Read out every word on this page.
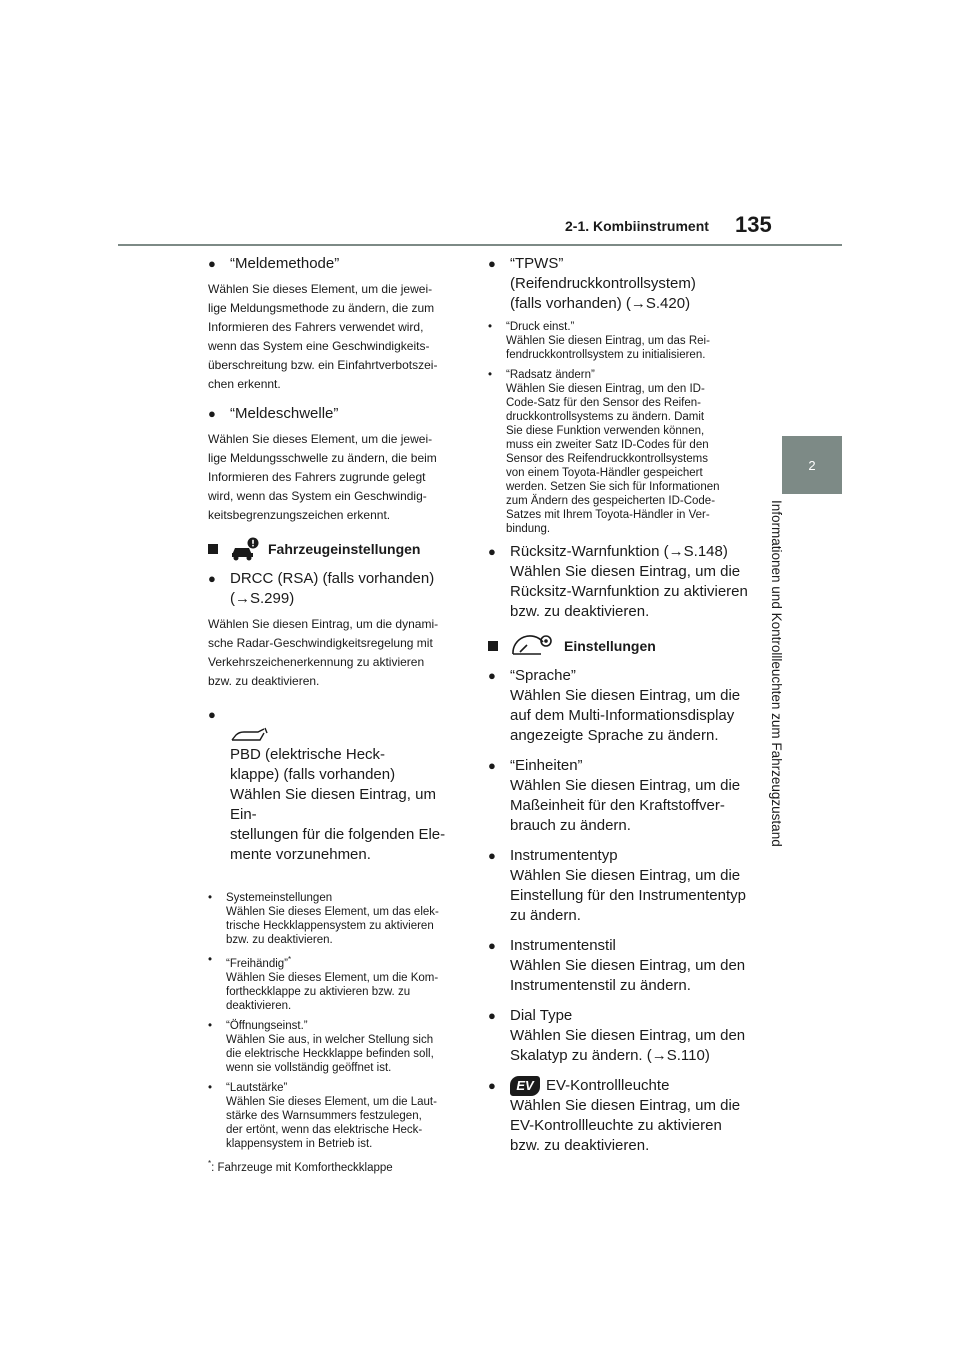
2-1. Kombiinstrument 135
2
Informationen und Kontrollleuchten zum Fahrzeugzustand
● “Meldemethode”
Wählen Sie dieses Element, um die jewei-
lige Meldungsmethode zu ändern, die zum
Informieren des Fahrers verwendet wird,
wenn das System eine Geschwindigkeits-
überschreitung bzw. ein Einfahrtverbotszei-
chen erkennt.
● “Meldeschwelle”
Wählen Sie dieses Element, um die jewei-
lige Meldungsschwelle zu ändern, die beim
Informieren des Fahrers zugrunde gelegt
wird, wenn das System ein Geschwindig-
keitsbegrenzungszeichen erkennt.
Fahrzeugeinstellungen
● DRCC (RSA) (falls vorhanden)
(→S.299)
Wählen Sie diesen Eintrag, um die dynami-
sche Radar-Geschwindigkeitsregelung mit
Verkehrszeichenerkennung zu aktivieren
bzw. zu deaktivieren.
●

PBD (elektrische Heck-

klappe) (falls vorhanden)
Wählen Sie diesen Eintrag, um Ein-
stellungen für die folgenden Ele-
mente vorzunehmen.

•	Systemeinstellungen
Wählen Sie dieses Element, um das elek-
trische Heckklappensystem zu aktivieren
bzw. zu deaktivieren.
•	“Freihändig”*
Wählen Sie dieses Element, um die Kom-
fortheckklappe zu aktivieren bzw. zu
deaktivieren.
•	“Öffnungseinst.”
Wählen Sie aus, in welcher Stellung sich
die elektrische Heckklappe befinden soll,
wenn sie vollständig geöffnet ist.
•	“Lautstärke”
Wählen Sie dieses Element, um die Laut-
stärke des Warnsummers festzulegen,
der ertönt, wenn das elektrische Heck-
klappensystem in Betrieb ist.
*: Fahrzeuge mit Komfortheckklappe
● “TPWS” (Reifendruckkontrollsystem)
(falls vorhanden) (→S.420)
•	“Druck einst.”
Wählen Sie diesen Eintrag, um das Rei-
fendruckkontrollsystem zu initialisieren.
•	“Radsatz ändern”
Wählen Sie diesen Eintrag, um den ID-
Code-Satz für den Sensor des Reifen-
druckkontrollsystems zu ändern. Damit
Sie diese Funktion verwenden können,
muss ein zweiter Satz ID-Codes für den
Sensor des Reifendruckkontrollsystems
von einem Toyota-Händler gespeichert
werden. Setzen Sie sich für Informationen
zum Ändern des gespeicherten ID-Code-
Satzes mit Ihrem Toyota-Händler in Ver-
bindung.
● Rücksitz-Warnfunktion (→S.148)
Wählen Sie diesen Eintrag, um die
Rücksitz-Warnfunktion zu aktivieren
bzw. zu deaktivieren.
Einstellungen
● “Sprache”
Wählen Sie diesen Eintrag, um die
auf dem Multi-Informationsdisplay
angezeigte Sprache zu ändern.
● “Einheiten”
Wählen Sie diesen Eintrag, um die
Maßeinheit für den Kraftstoffver-
brauch zu ändern.
● Instrumententyp
Wählen Sie diesen Eintrag, um die
Einstellung für den Instrumententyp
zu ändern.
● Instrumentenstil
Wählen Sie diesen Eintrag, um den
Instrumentenstil zu ändern.
● Dial Type
Wählen Sie diesen Eintrag, um den
Skalatyp zu ändern. (→S.110)
●	EV EV-Kontrollleuchte
Wählen Sie diesen Eintrag, um die
EV-Kontrollleuchte zu aktivieren
bzw. zu deaktivieren.
